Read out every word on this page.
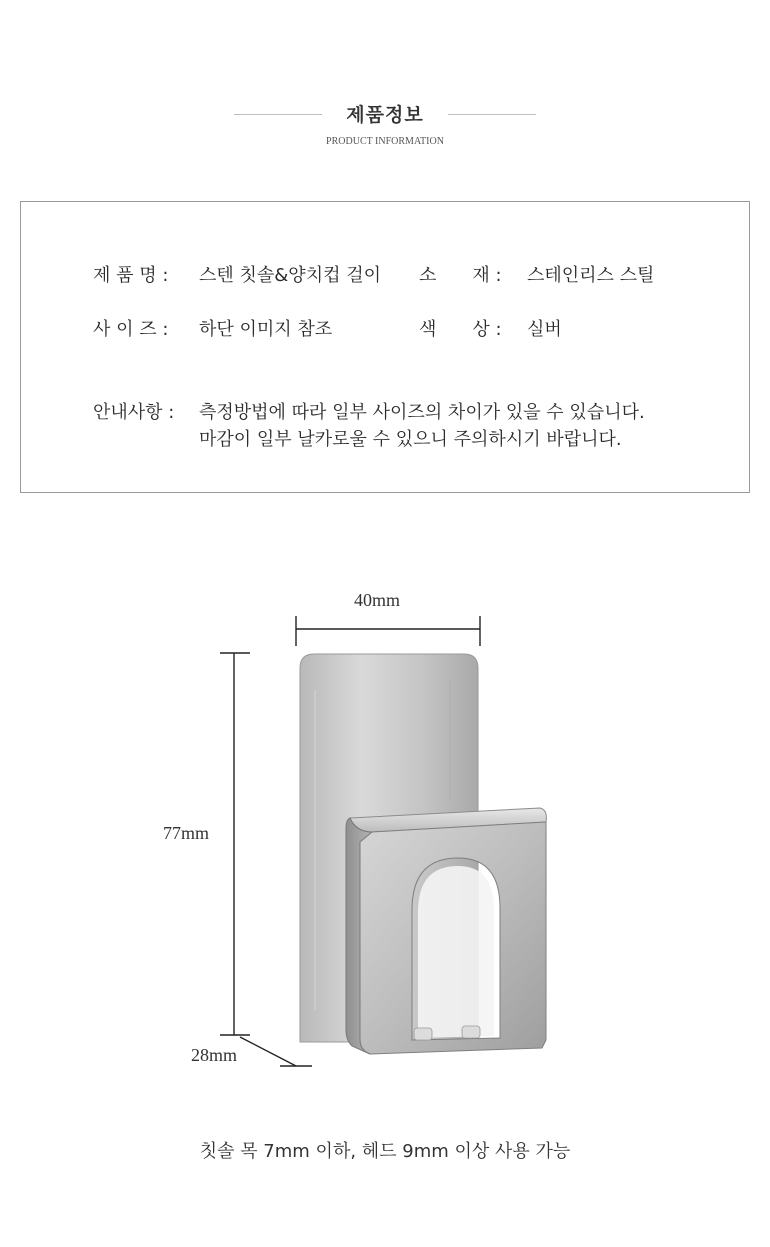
제품정보
PRODUCT INFORMATION
제 품 명 : 스텐 칫솔&양치컵 걸이 소　　재 : 스테인리스 스틸
사 이 즈 : 하단 이미지 참조	색　　상 : 실버
안내사항 : 측정방법에 따라 일부 사이즈의 차이가 있을 수 있습니다.
마감이 일부 날카로울 수 있으니 주의하시기 바랍니다.
40mm
77mm
28mm
칫솔 목 7mm 이하, 헤드 9mm 이상 사용 가능
